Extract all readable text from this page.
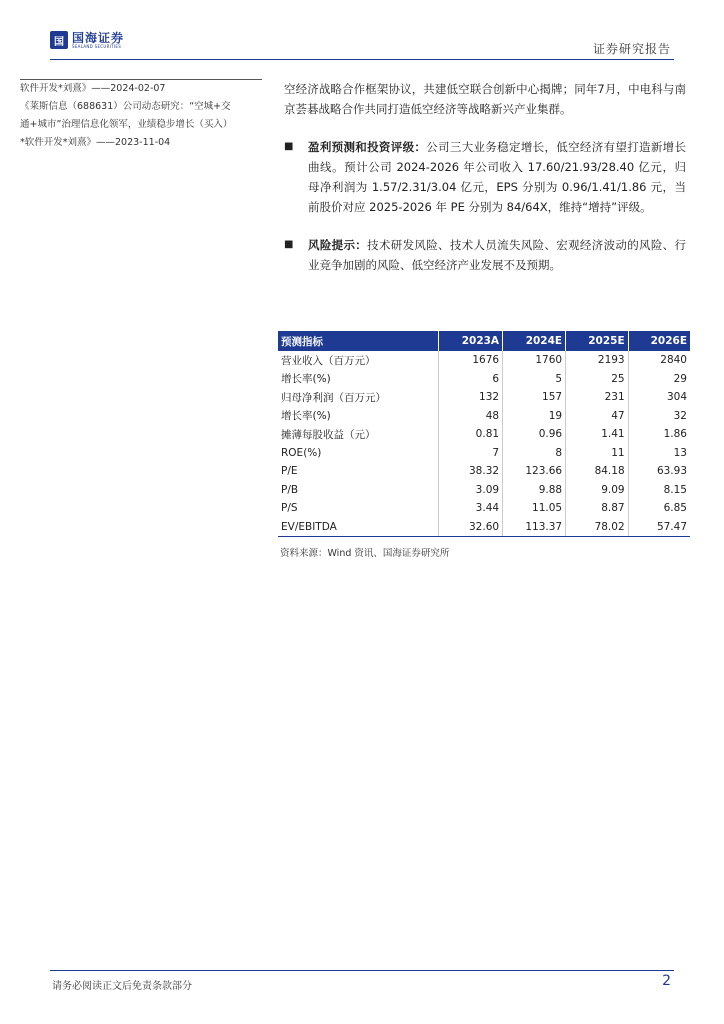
国 国海证券
SEALAND SECURITIES	证券研究报告
软件开发*刘熹》——2024-02-07
《莱斯信息（688631）公司动态研究：“空城+交
通+城市”治理信息化领军，业绩稳步增长（买入）
*软件开发*刘熹》——2023-11-04

空经济战略合作框架协议，共建低空联合创新中心揭牌；同年7月，中电科与南京荟碁战略合作共同打造低空经济等战略新兴产业集群。

■ 盈利预测和投资评级：公司三大业务稳定增长，低空经济有望打造新增长曲线。预计公司 2024-2026 年公司收入 17.60/21.93/28.40 亿元，归母净利润为 1.57/2.31/3.04 亿元，EPS 分别为 0.96/1.41/1.86 元，当前股价对应 2025-2026 年 PE 分别为 84/64X，维持“增持”评级。
■ 风险提示：技术研发风险、技术人员流失风险、宏观经济波动的风险、行业竞争加剧的风险、低空经济产业发展不及预期。
预测指标	2023A	2024E	2025E	2026E
营业收入（百万元）	1676	1760	2193	2840
增长率(%)	6	5	25	29
归母净利润（百万元）	132	157	231	304
增长率(%)	48	19	47	32
摊薄每股收益（元）	0.81	0.96	1.41	1.86
ROE(%)	7	8	11	13
P/E	38.32	123.66	84.18	63.93
P/B	3.09	9.88	9.09	8.15
P/S	3.44	11.05	8.87	6.85
EV/EBITDA	32.60	113.37	78.02	57.47
资料来源：Wind 资讯、国海证券研究所
请务必阅读正文后免责条款部分	2
